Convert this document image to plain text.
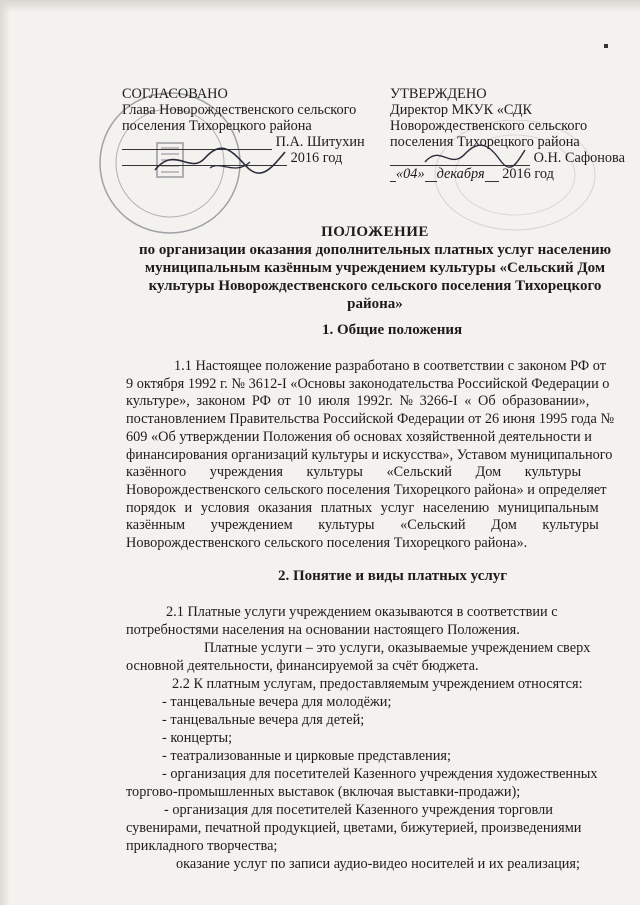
СОГЛАСОВАНО
Глава Новорождественского сельского
поселения Тихорецкого района
П.А. Шитухин
2016 год
УТВЕРЖДЕНО
Директор МКУК «СДК
Новорождественского сельского
поселения Тихорецкого района
О.Н. Сафонова
«04» декабря 2016 год
ПОЛОЖЕНИЕ
по организации оказания дополнительных платных услуг населению
муниципальным казённым учреждением культуры «Сельский Дом
культуры Новорождественского сельского поселения Тихорецкого
района»
1. Общие положения
1.1 Настоящее положение разработано в соответствии с законом РФ от
9 октября 1992 г. № 3612-I «Основы законодательства Российской Федерации о
культуре», законом РФ от 10 июля 1992г. № 3266-I « Об образовании»,
постановлением Правительства Российской Федерации от 26 июня 1995 года №
609 «Об утверждении Положения об основах хозяйственной деятельности и
финансирования организаций культуры и искусства», Уставом муниципального
казённого учреждения культуры «Сельский Дом культуры
Новорождественского сельского поселения Тихорецкого района» и определяет
порядок и условия оказания платных услуг населению муниципальным
казённым учреждением культуры «Сельский Дом культуры
Новорождественского сельского поселения Тихорецкого района».
2. Понятие и виды платных услуг
2.1 Платные услуги учреждением оказываются в соответствии с
потребностями населения на основании настоящего Положения.
Платные услуги – это услуги, оказываемые учреждением сверх
основной деятельности, финансируемой за счёт бюджета.
2.2 К платным услугам, предоставляемым учреждением относятся:
- танцевальные вечера для молодёжи;
- танцевальные вечера для детей;
- концерты;
- театрализованные и цирковые представления;
- организация для посетителей Казенного учреждения художественных
торгово-промышленных выставок (включая выставки-продажи);
- организация для посетителей Казенного учреждения торговли
сувенирами, печатной продукцией, цветами, бижутерией, произведениями
прикладного творчества;
оказание услуг по записи аудио-видео носителей и их реализация;
